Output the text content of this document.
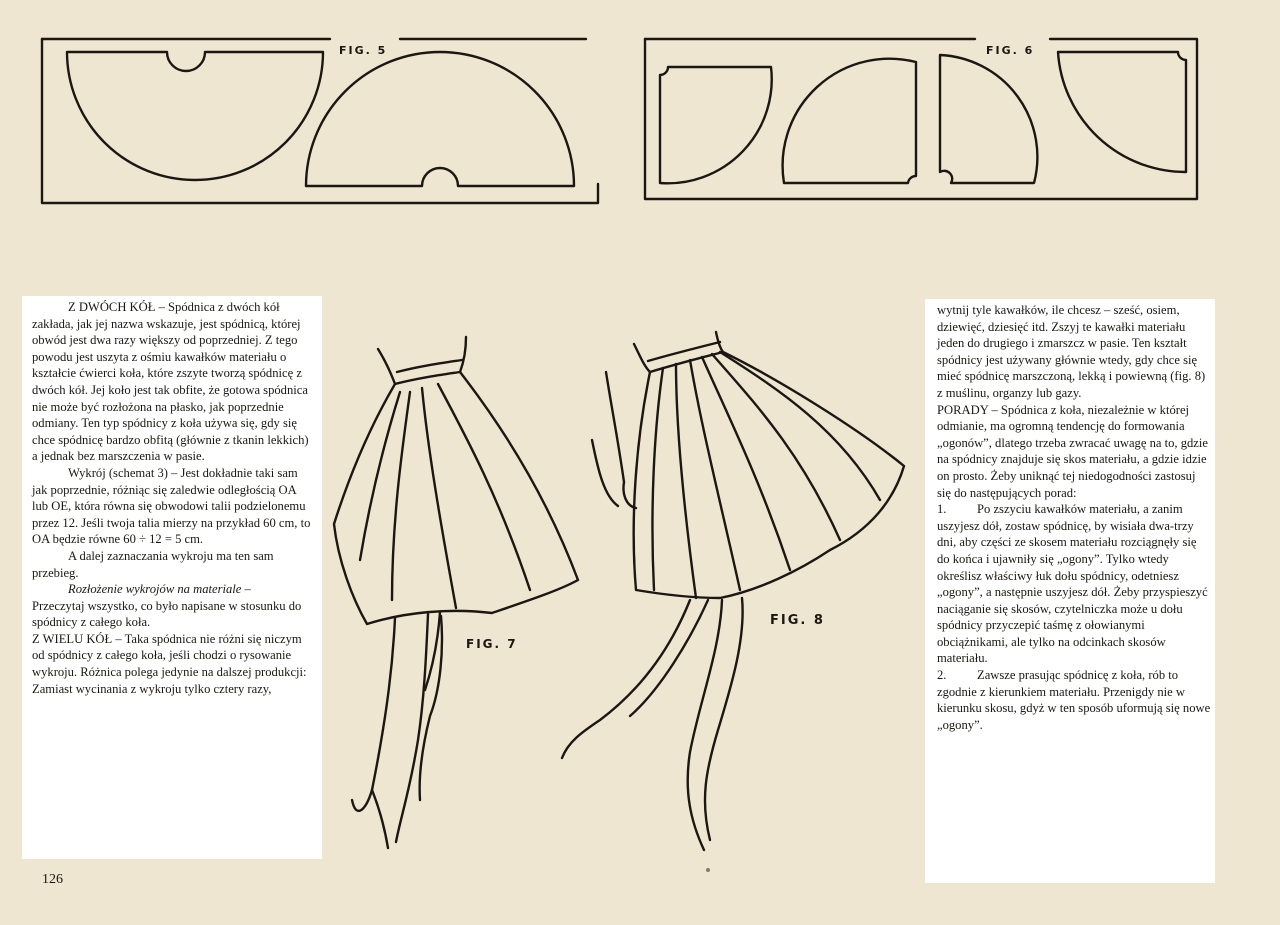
FIG. 5	FIG. 6
FIG. 7
FIG. 8

Z DWÓCH KÓŁ – Spódnica z dwóch kół zakłada, jak jej nazwa wskazuje, jest spódnicą, której obwód jest dwa razy większy od poprzedniej. Z tego powodu jest uszyta z ośmiu kawałków materiału o kształcie ćwierci koła, które zszyte tworzą spódnicę z dwóch kół. Jej koło jest tak obfite, że gotowa spódnica nie może być rozłożona na płasko, jak poprzednie odmiany. Ten typ spódnicy z koła używa się, gdy się chce spódnicę bardzo obfitą (głównie z tkanin lekkich) a jednak bez marszczenia w pasie.

Wykrój (schemat 3) – Jest dokładnie taki sam jak poprzednie, różniąc się zaledwie odległością OA lub OE, która równa się obwodowi talii podzielonemu przez 12. Jeśli twoja talia mierzy na przykład 60 cm, to OA będzie równe 60 ÷ 12 = 5 cm.

A dalej zaznaczania wykroju ma ten sam przebieg.

Rozłożenie wykrojów na materiale –

Przeczytaj wszystko, co było napisane w stosunku do spódnicy z całego koła.

Z WIELU KÓŁ – Taka spódnica nie różni się niczym od spódnicy z całego koła, jeśli chodzi o rysowanie wykroju. Różnica polega jedynie na dalszej produkcji: Zamiast wycinania z wykroju tylko cztery razy,

wytnij tyle kawałków, ile chcesz – sześć, osiem, dziewięć, dziesięć itd. Zszyj te kawałki materiału jeden do drugiego i zmarszcz w pasie. Ten kształt spódnicy jest używany głównie wtedy, gdy chce się mieć spódnicę marszczoną, lekką i powiewną (fig. 8) z muślinu, organzy lub gazy.

PORADY – Spódnica z koła, niezależnie w której odmianie, ma ogromną tendencję do formowania „ogonów”, dlatego trzeba zwracać uwagę na to, gdzie na spódnicy znajduje się skos materiału, a gdzie idzie on prosto. Żeby uniknąć tej niedogodności zastosuj się do następujących porad:

1. Po zszyciu kawałków materiału, a zanim uszyjesz dół, zostaw spódnicę, by wisiała dwa-trzy dni, aby części ze skosem materiału rozciągnęły się do końca i ujawniły się „ogony”. Tylko wtedy określisz właściwy łuk dołu spódnicy, odetniesz „ogony”, a następnie uszyjesz dół. Żeby przyspieszyć naciąganie się skosów, czytelniczka może u dołu spódnicy przyczepić taśmę z ołowianymi obciążnikami, ale tylko na odcinkach skosów materiału.

2. Zawsze prasując spódnicę z koła, rób to zgodnie z kierunkiem materiału. Przenigdy nie w kierunku skosu, gdyż w ten sposób uformują się nowe „ogony”.

126
